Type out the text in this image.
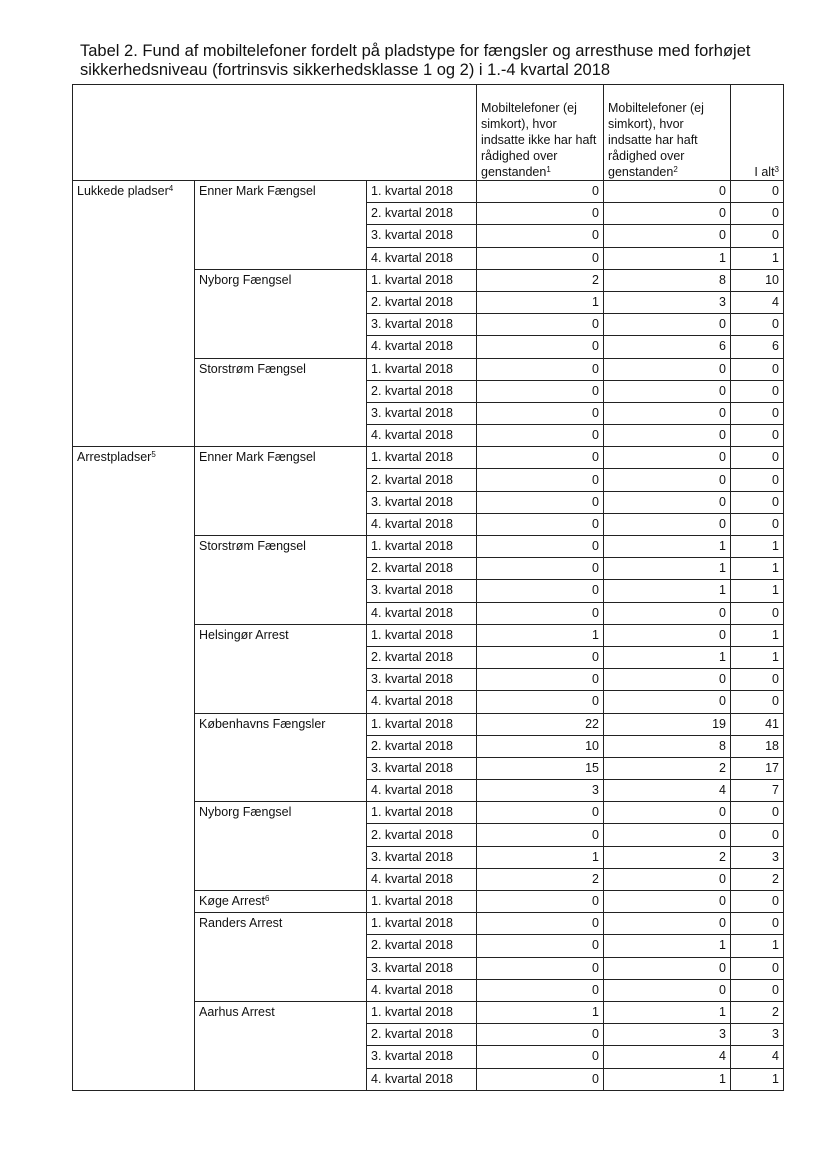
Tabel 2. Fund af mobiltelefoner fordelt på pladstype for fængsler og arresthuse med forhøjet sikkerhedsniveau (fortrinsvis sikkerhedsklasse 1 og 2) i 1.-4 kvartal 2018
			Mobiltelefoner (ej simkort), hvor indsatte ikke har haft rådighed over genstanden$^1$	Mobiltelefoner (ej simkort), hvor indsatte har haft rådighed over genstanden$^2$	I alt$^3$
Lukkede pladser$^4$	Enner Mark Fængsel	1. kvartal 2018	0	0	0
		2. kvartal 2018	0	0	0
		3. kvartal 2018	0	0	0
		4. kvartal 2018	0	1	1
	Nyborg Fængsel	1. kvartal 2018	2	8	10
		2. kvartal 2018	1	3	4
		3. kvartal 2018	0	0	0
		4. kvartal 2018	0	6	6
	Storstrøm Fængsel	1. kvartal 2018	0	0	0
		2. kvartal 2018	0	0	0
		3. kvartal 2018	0	0	0
		4. kvartal 2018	0	0	0
Arrestpladser$^5$	Enner Mark Fængsel	1. kvartal 2018	0	0	0
		2. kvartal 2018	0	0	0
		3. kvartal 2018	0	0	0
		4. kvartal 2018	0	0	0
	Storstrøm Fængsel	1. kvartal 2018	0	1	1
		2. kvartal 2018	0	1	1
		3. kvartal 2018	0	1	1
		4. kvartal 2018	0	0	0
	Helsingør Arrest	1. kvartal 2018	1	0	1
		2. kvartal 2018	0	1	1
		3. kvartal 2018	0	0	0
		4. kvartal 2018	0	0	0
	Københavns Fængsler	1. kvartal 2018	22	19	41
		2. kvartal 2018	10	8	18
		3. kvartal 2018	15	2	17
		4. kvartal 2018	3	4	7
	Nyborg Fængsel	1. kvartal 2018	0	0	0
		2. kvartal 2018	0	0	0
		3. kvartal 2018	1	2	3
		4. kvartal 2018	2	0	2
	Køge Arrest$^6$	1. kvartal 2018	0	0	0
	Randers Arrest	1. kvartal 2018	0	0	0
		2. kvartal 2018	0	1	1
		3. kvartal 2018	0	0	0
		4. kvartal 2018	0	0	0
	Aarhus Arrest	1. kvartal 2018	1	1	2
		2. kvartal 2018	0	3	3
		3. kvartal 2018	0	4	4
		4. kvartal 2018	0	1	1
